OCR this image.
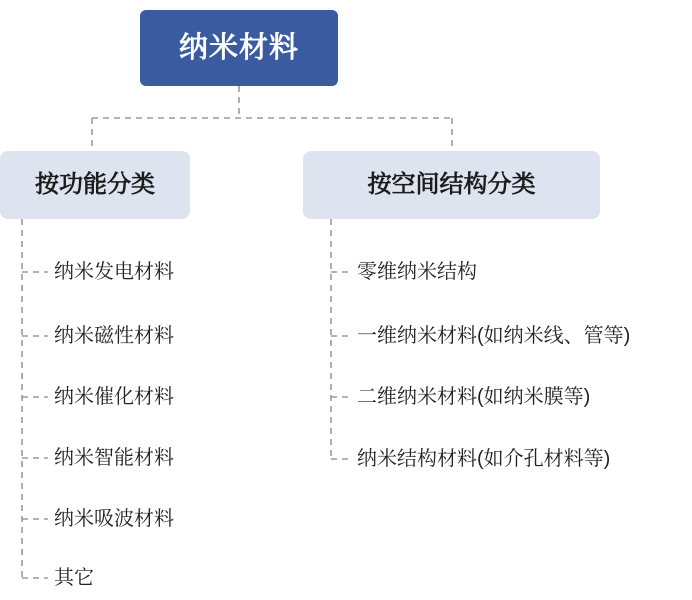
纳米材料
按功能分类	按空间结构分类
纳米发电材料
纳米磁性材料
纳米催化材料
纳米智能材料
纳米吸波材料
其它
零维纳米结构
一维纳米材料(如纳米线、管等)
二维纳米材料(如纳米膜等)
纳米结构材料(如介孔材料等)
